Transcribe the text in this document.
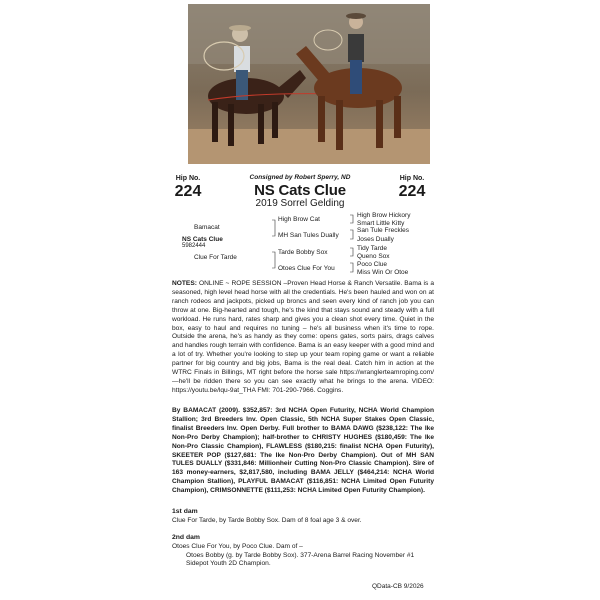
Hip No.
224
Hip No.
224
Consigned by Robert Sperry, ND
NS Cats Clue
2019 Sorrel Gelding
Bamacat
NS Cats Clue
5982444
Clue For Tarde
High Brow Cat
MH San Tules Dually
Tarde Bobby Sox
Otoes Clue For You
High Brow Hickory
Smart Little Kitty
San Tule Freckles
Joses Dually
Tidy Tarde
Queno Sox
Poco Clue
Miss Win Or Otoe
NOTES: ONLINE ~ ROPE SESSION –Proven Head Horse & Ranch Versatile. Bama is a seasoned, high level head horse with all the credentials. He's been hauled and won on at ranch rodeos and jackpots, picked up broncs and seen every kind of ranch job you can throw at one. Big-hearted and tough, he's the kind that stays sound and steady with a full workload. He runs hard, rates sharp and gives you a clean shot every time. Quiet in the box, easy to haul and requires no tuning – he's all business when it's time to rope. Outside the arena, he's as handy as they come: opens gates, sorts pairs, drags calves and handles rough terrain with confidence. Bama is an easy keeper with a good mind and a lot of try. Whether you're looking to step up your team roping game or want a reliable partner for big country and big jobs, Bama is the real deal. Catch him in action at the WTRC Finals in Billings, MT right before the horse sale https://wranglerteamroping.com/ —he'll be ridden there so you can see exactly what he brings to the arena. VIDEO: https://youtu.be/lqu-9at_THA FMI: 701-290-7966. Coggins.
By BAMACAT (2009). $352,857: 3rd NCHA Open Futurity, NCHA World Champion Stallion; 3rd Breeders Inv. Open Classic, 5th NCHA Super Stakes Open Classic, finalist Breeders Inv. Open Derby. Full brother to BAMA DAWG ($238,122: The Ike Non-Pro Derby Champion); half-brother to CHRISTY HUGHES ($180,459: The Ike Non-Pro Classic Champion), FLAWLESS ($180,215: finalist NCHA Open Futurity), SKEETER POP ($127,681: The Ike Non-Pro Derby Champion). Out of MH SAN TULES DUALLY ($331,846: Millionheir Cutting Non-Pro Classic Champion). Sire of 163 money-earners, $2,817,580, including BAMA JELLY ($464,214: NCHA World Champion Stallion), PLAYFUL BAMACAT ($116,851: NCHA Limited Open Futurity Champion), CRIMSONNETTE ($111,253: NCHA Limited Open Futurity Champion).
1st dam
Clue For Tarde, by Tarde Bobby Sox. Dam of 8 foal age 3 & over.
2nd dam
Otoes Clue For You, by Poco Clue. Dam of –
Otoes Bobby (g. by Tarde Bobby Sox). 377-Arena Barrel Racing November #1 Sidepot Youth 2D Champion.
QData-CB 9/2026
